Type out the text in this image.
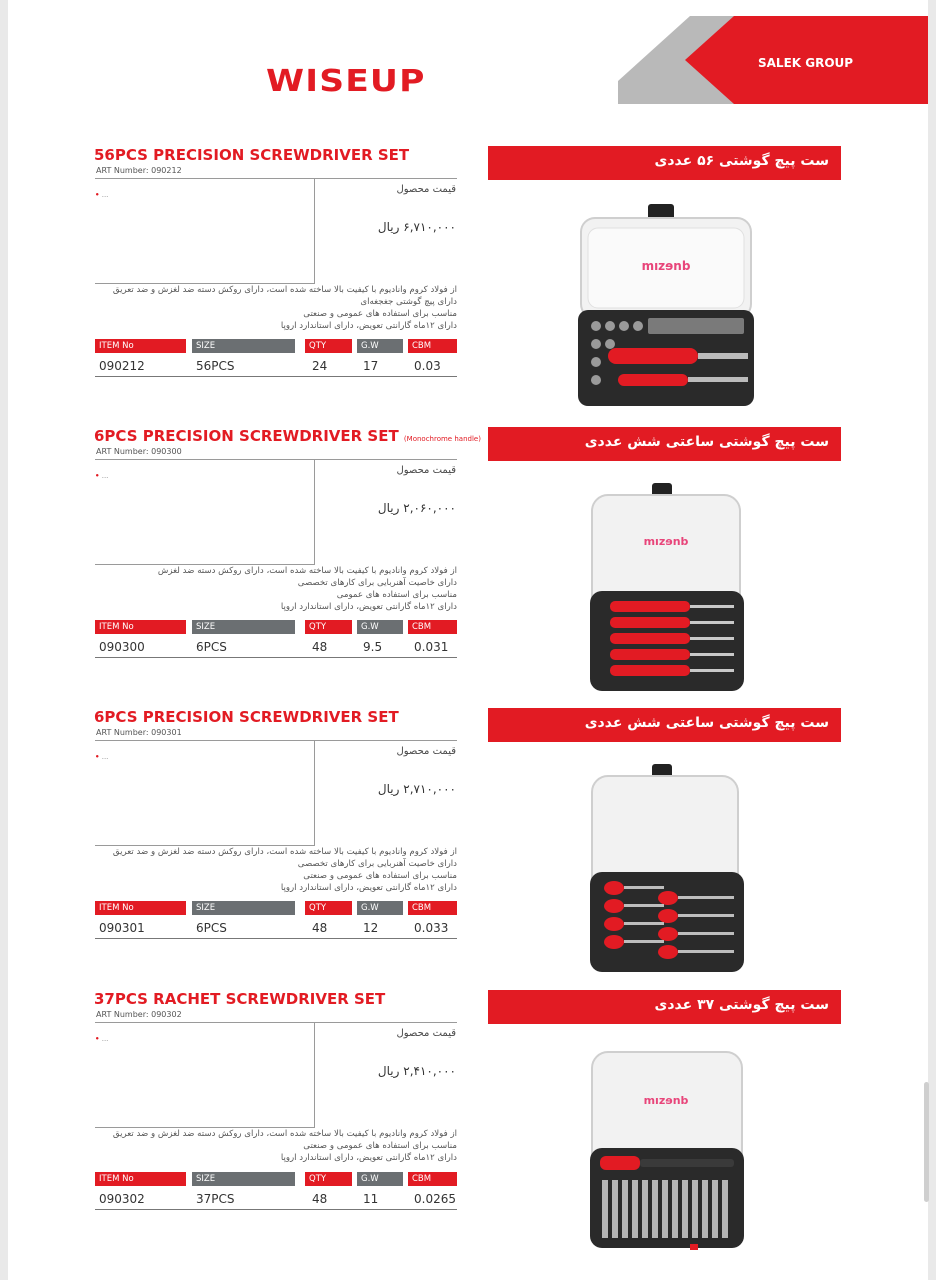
WISEUP
SALEK GROUP
56PCS PRECISION SCREWDRIVER SET
ART Number: 090212
• ...	قیمت محصول
۶,۷۱۰,۰۰۰ ریال
از فولاد کروم وانادیوم با کیفیت بالا ساخته شده است، دارای روکش دسته ضد لغزش و ضد تعریق
دارای پیچ گوشتی جغجغه‌ای
مناسب برای استفاده های عمومی و صنعتی
دارای ۱۲ماه گارانتی تعویض، دارای استاندارد اروپا
ITEM No	SIZE	QTY	G.W	CBM
090212	56PCS	24	17	0.03
ست پیچ گوشتی ۵۶ عددی
mızɘnb
6PCS PRECISION SCREWDRIVER SET (Monochrome handle)
ART Number: 090300
• ...	قیمت محصول
۲,۰۶۰,۰۰۰ ریال
از فولاد کروم وانادیوم با کیفیت بالا ساخته شده است، دارای روکش دسته ضد لغزش
دارای خاصیت آهنربایی برای کارهای تخصصی
مناسب برای استفاده های عمومی
دارای ۱۲ماه گارانتی تعویض، دارای استاندارد اروپا
ITEM No	SIZE	QTY	G.W	CBM
090300	6PCS	48	9.5	0.031
ست پیچ گوشتی ساعتی شش عددی
mızɘnb
6PCS PRECISION SCREWDRIVER SET
ART Number: 090301
• ...	قیمت محصول
۲,۷۱۰,۰۰۰ ریال
از فولاد کروم وانادیوم با کیفیت بالا ساخته شده است، دارای روکش دسته ضد لغزش و ضد تعریق
دارای خاصیت آهنربایی برای کارهای تخصصی
مناسب برای استفاده های عمومی و صنعتی
دارای ۱۲ماه گارانتی تعویض، دارای استاندارد اروپا
ITEM No	SIZE	QTY	G.W	CBM
090301	6PCS	48	12	0.033
ست پیچ گوشتی ساعتی شش عددی
37PCS RACHET SCREWDRIVER SET
ART Number: 090302
• ...	قیمت محصول
۲,۴۱۰,۰۰۰ ریال
از فولاد کروم وانادیوم با کیفیت بالا ساخته شده است، دارای روکش دسته ضد لغزش و ضد تعریق
مناسب برای استفاده های عمومی و صنعتی
دارای ۱۲ماه گارانتی تعویض، دارای استاندارد اروپا
ITEM No	SIZE	QTY	G.W	CBM
090302	37PCS	48	11	0.0265
ست پیچ گوشتی ۳۷ عددی
mızɘnb
